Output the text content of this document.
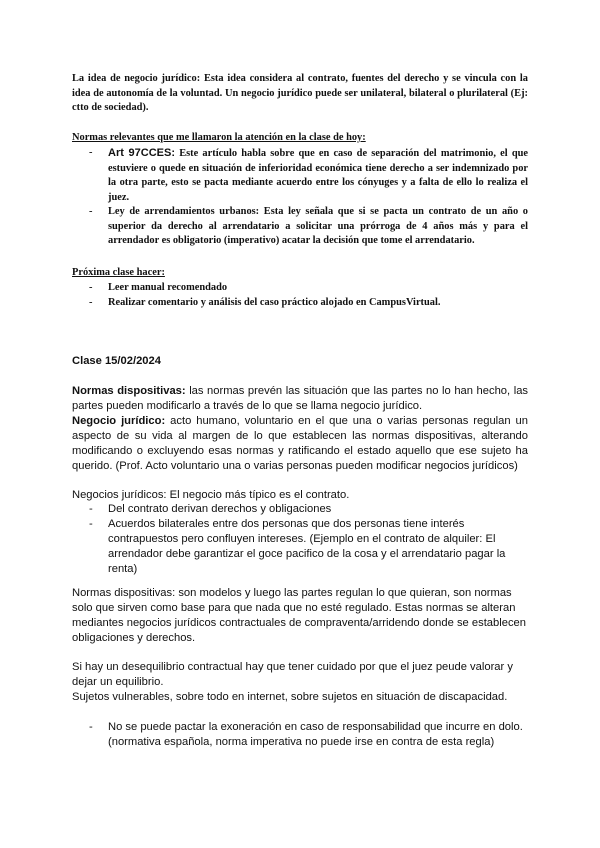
La idea de negocio jurídico: Esta idea considera al contrato, fuentes del derecho y se vincula con la idea de autonomía de la voluntad. Un negocio jurídico puede ser unilateral, bilateral o plurilateral (Ej: ctto de sociedad).

Normas relevantes que me llamaron la atención en la clase de hoy:

- Art 97CCES: Este artículo habla sobre que en caso de separación del matrimonio, el que estuviere o quede en situación de inferioridad económica tiene derecho a ser indemnizado por la otra parte, esto se pacta mediante acuerdo entre los cónyuges y a falta de ello lo realiza el juez.
- Ley de arrendamientos urbanos: Esta ley señala que si se pacta un contrato de un año o superior da derecho al arrendatario a solicitar una prórroga de 4 años más y para el arrendador es obligatorio (imperativo) acatar la decisión que tome el arrendatario.

Próxima clase hacer:

- Leer manual recomendado
- Realizar comentario y análisis del caso práctico alojado en CampusVirtual.

Clase 15/02/2024

Normas dispositivas: las normas prevén las situación que las partes no lo han hecho, las partes pueden modificarlo a través de lo que se llama negocio jurídico.

Negocio jurídico: acto humano, voluntario en el que una o varias personas regulan un aspecto de su vida al margen de lo que establecen las normas dispositivas, alterando modificando o excluyendo esas normas y ratificando el estado aquello que ese sujeto ha querido. (Prof. Acto voluntario una o varias personas pueden modificar negocios jurídicos)

Negocios jurídicos: El negocio más típico es el contrato.

- Del contrato derivan derechos y obligaciones
- Acuerdos bilaterales entre dos personas que dos personas tiene interés contrapuestos pero confluyen intereses. (Ejemplo en el contrato de alquiler: El arrendador debe garantizar el goce pacifico de la cosa y el arrendatario pagar la renta)

Normas dispositivas: son modelos y luego las partes regulan lo que quieran, son normas solo que sirven como base para que nada que no esté regulado. Estas normas se alteran mediantes negocios jurídicos contractuales de compraventa/arridendo donde se establecen obligaciones y derechos.

Si hay un desequilibrio contractual hay que tener cuidado por que el juez peude valorar y dejar un equilibrio.

Sujetos vulnerables, sobre todo en internet, sobre sujetos en situación de discapacidad.

- No se puede pactar la exoneración en caso de responsabilidad que incurre en dolo. (normativa española, norma imperativa no puede irse en contra de esta regla)
